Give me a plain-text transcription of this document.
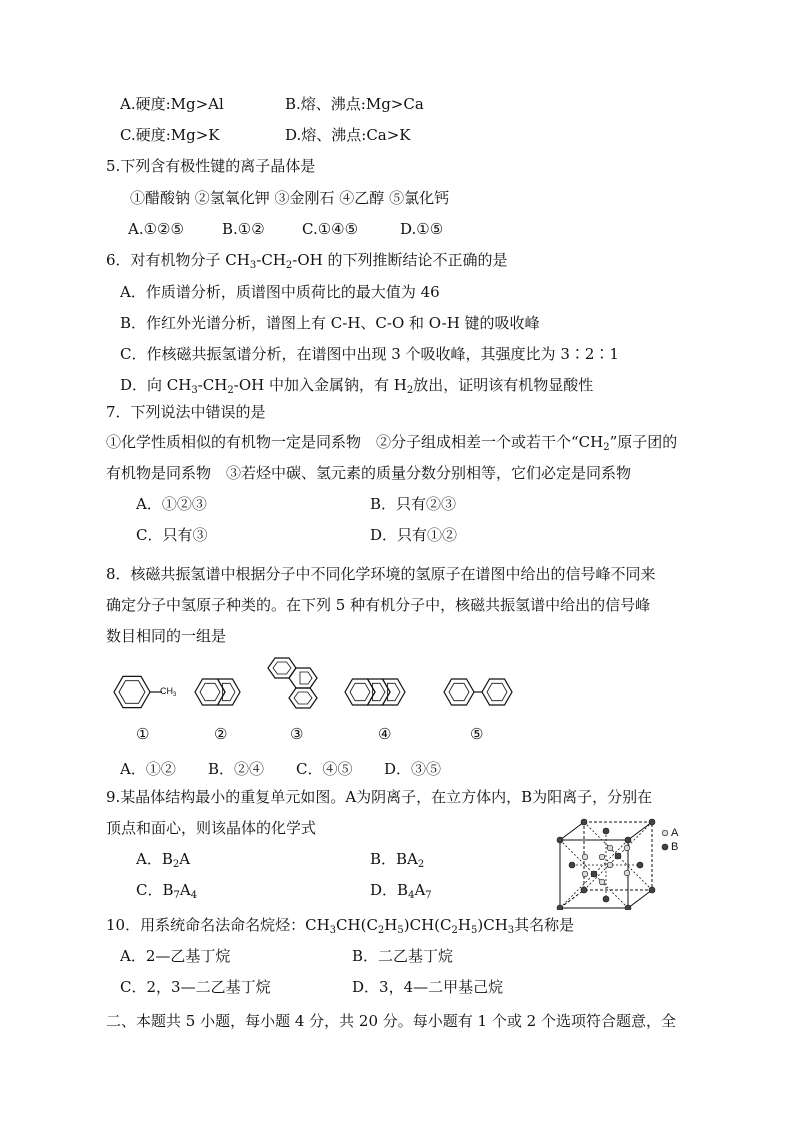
A.硬度:Mg>Al	B.熔、沸点:Mg>Ca
C.硬度:Mg>K	D.熔、沸点:Ca>K
5.下列含有极性键的离子晶体是
①醋酸钠 ②氢氧化钾 ③金刚石 ④乙醇 ⑤氯化钙
A.①②⑤	B.①② C.①④⑤	D.①⑤
6．对有机物分子 $CH_3-CH_2-OH$ 的下列推断结论不正确的是
A．作质谱分析，质谱图中质荷比的最大值为 46
B．作红外光谱分析，谱图上有 C-H、C-O 和 O-H 键的吸收峰
C．作核磁共振氢谱分析，在谱图中出现 3 个吸收峰，其强度比为 3∶2∶1
D．向 $CH_3-CH_2-OH$ 中加入金属钠，有 $H_2$放出，证明该有机物显酸性
7．下列说法中错误的是
①化学性质相似的有机物一定是同系物　②分子组成相差一个或若干个“$CH_2$”原子团的
有机物是同系物　③若烃中碳、氢元素的质量分数分别相等，它们必定是同系物
A．①②③	B．只有②③
C．只有③	D．只有①②
8．核磁共振氢谱中根据分子中不同化学环境的氢原子在谱图中给出的信号峰不同来
确定分子中氢原子种类的。在下列 5 种有机分子中，核磁共振氢谱中给出的信号峰
数目相同的一组是
$CH_3$
①	②	③	④	⑤
A．①② B．②④ C．④⑤ D．③⑤
9.某晶体结构最小的重复单元如图。A为阴离子，在立方体内，B为阳离子，分别在
顶点和面心，则该晶体的化学式
A．$B_2A$	B．$BA_2$
C．$B_7A_4$	D．$B_4A_7$
A
B
10．用系统命名法命名烷烃：$CH_3CH(C_2H_5)CH(C_2H_5)CH_3$其名称是
A．2—乙基丁烷	B．二乙基丁烷
C．2，3—二乙基丁烷	D．3，4—二甲基己烷
二、本题共 5 小题，每小题 4 分，共 20 分。每小题有 1 个或 2 个选项符合题意，全
